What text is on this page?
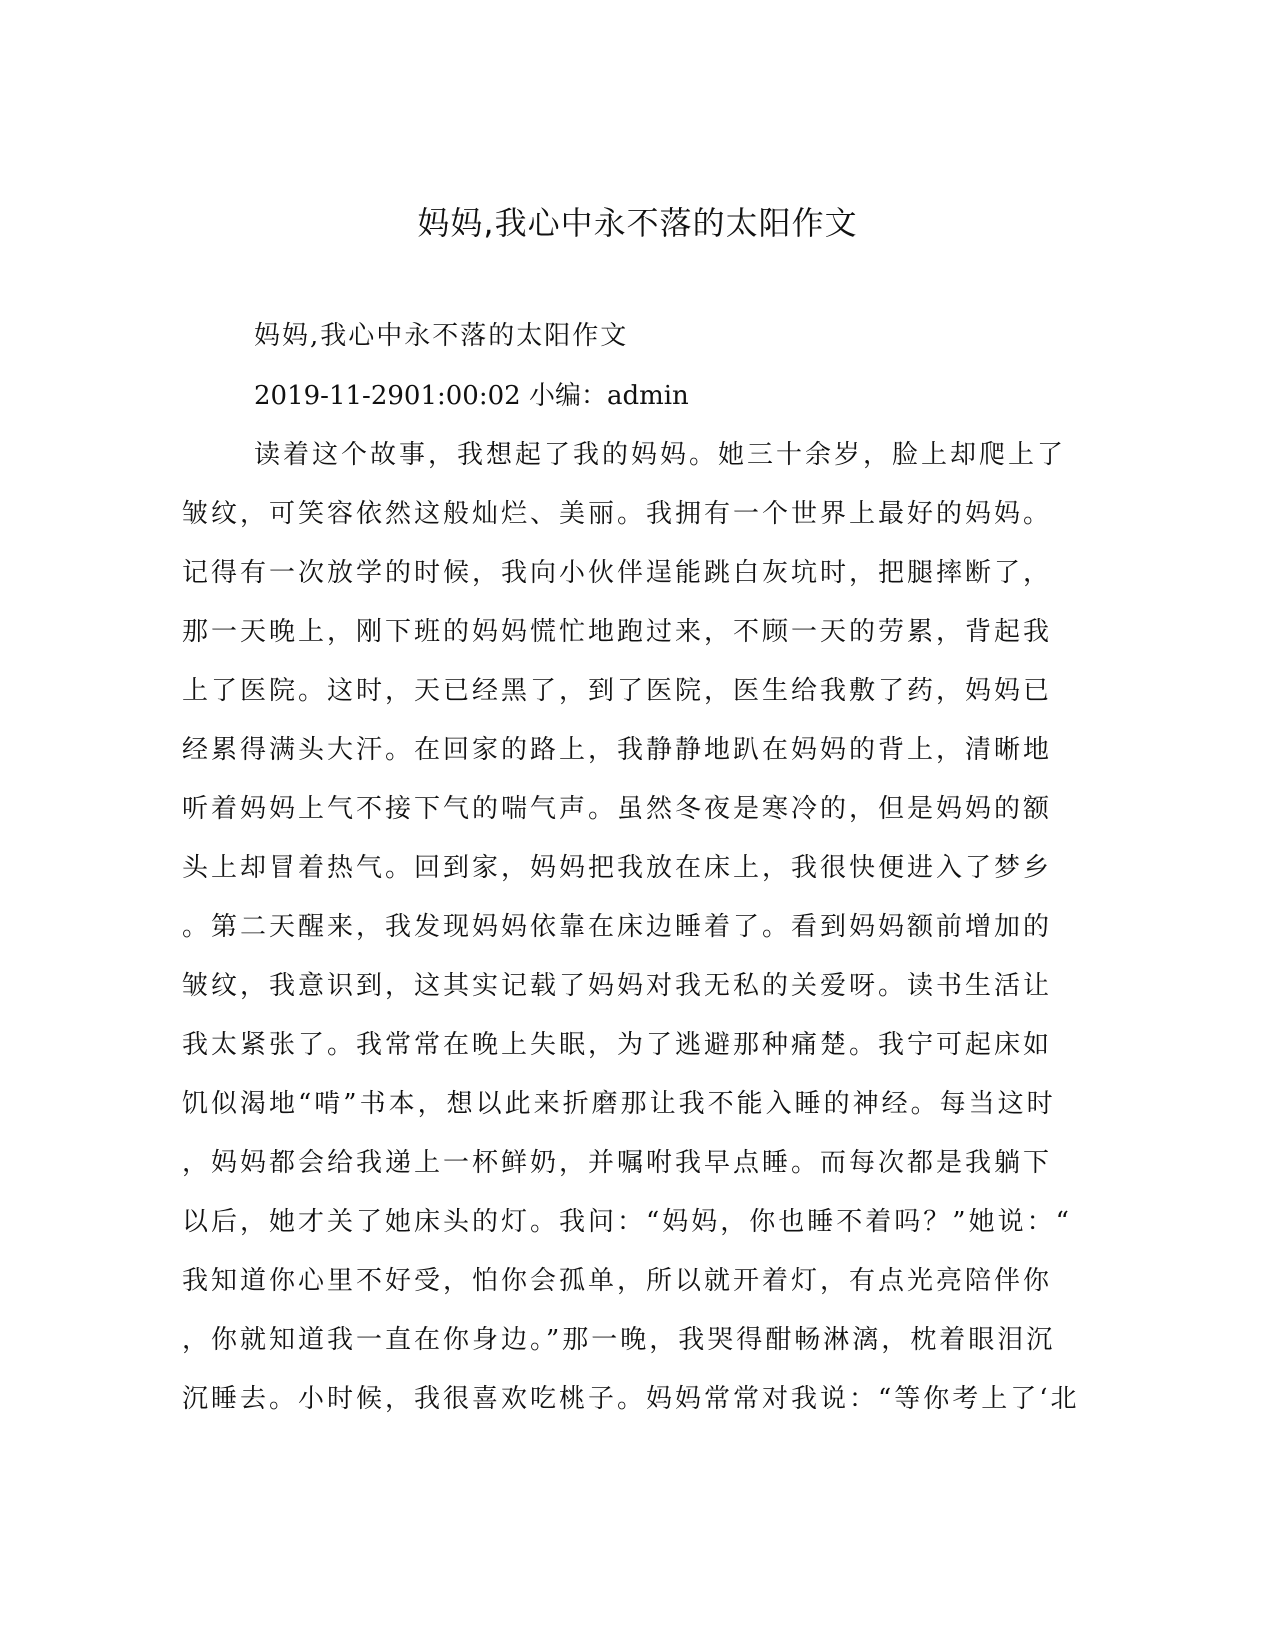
妈妈,我心中永不落的太阳作文
妈妈,我心中永不落的太阳作文
2019-11-2901:00:02 小编：admin
读着这个故事，我想起了我的妈妈。她三十余岁，脸上却爬上了
皱纹，可笑容依然这般灿烂、美丽。我拥有一个世界上最好的妈妈。
记得有一次放学的时候，我向小伙伴逞能跳白灰坑时，把腿摔断了，
那一天晚上，刚下班的妈妈慌忙地跑过来，不顾一天的劳累，背起我
上了医院。这时，天已经黑了，到了医院，医生给我敷了药，妈妈已
经累得满头大汗。在回家的路上，我静静地趴在妈妈的背上，清晰地
听着妈妈上气不接下气的喘气声。虽然冬夜是寒冷的，但是妈妈的额
头上却冒着热气。回到家，妈妈把我放在床上，我很快便进入了梦乡
。第二天醒来，我发现妈妈依靠在床边睡着了。看到妈妈额前增加的
皱纹，我意识到，这其实记载了妈妈对我无私的关爱呀。读书生活让
我太紧张了。我常常在晚上失眠，为了逃避那种痛楚。我宁可起床如
饥似渴地“啃”书本，想以此来折磨那让我不能入睡的神经。每当这时
，妈妈都会给我递上一杯鲜奶，并嘱咐我早点睡。而每次都是我躺下
以后，她才关了她床头的灯。我问：“妈妈，你也睡不着吗？”她说：“
我知道你心里不好受，怕你会孤单，所以就开着灯，有点光亮陪伴你
，你就知道我一直在你身边。”那一晚，我哭得酣畅淋漓，枕着眼泪沉
沉睡去。小时候，我很喜欢吃桃子。妈妈常常对我说：“等你考上了‘北
